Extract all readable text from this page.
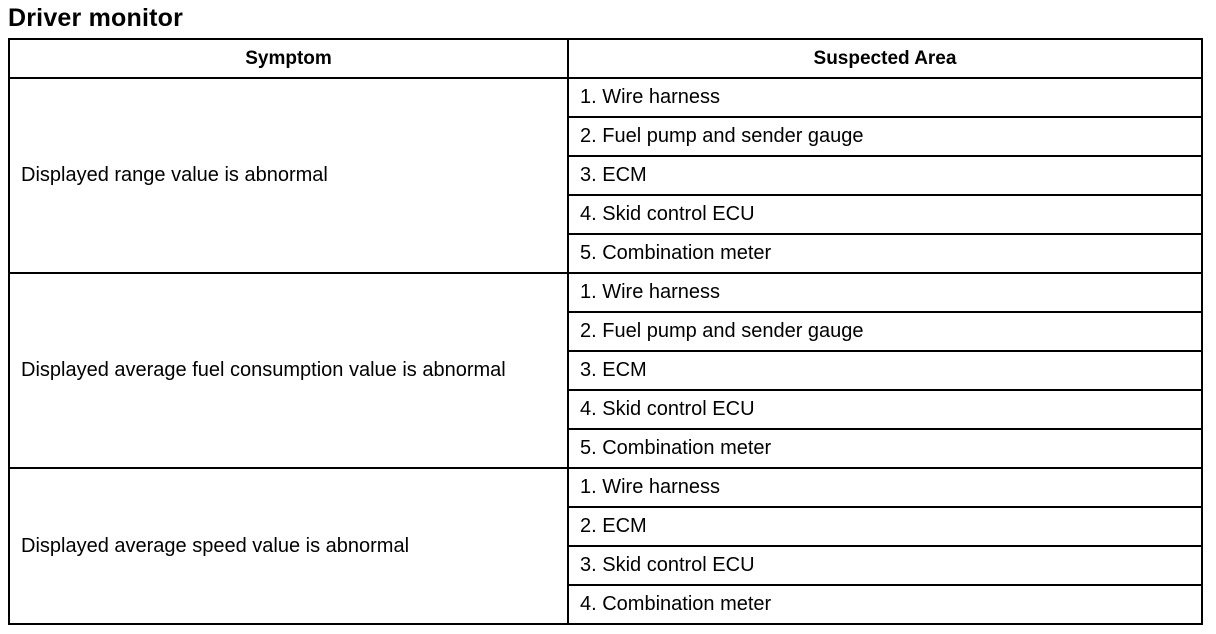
Driver monitor
Symptom	Suspected Area
Displayed range value is abnormal	1. Wire harness
	2. Fuel pump and sender gauge
	3. ECM
	4. Skid control ECU
	5. Combination meter
Displayed average fuel consumption value is abnormal	1. Wire harness
	2. Fuel pump and sender gauge
	3. ECM
	4. Skid control ECU
	5. Combination meter
Displayed average speed value is abnormal	1. Wire harness
	2. ECM
	3. Skid control ECU
	4. Combination meter
